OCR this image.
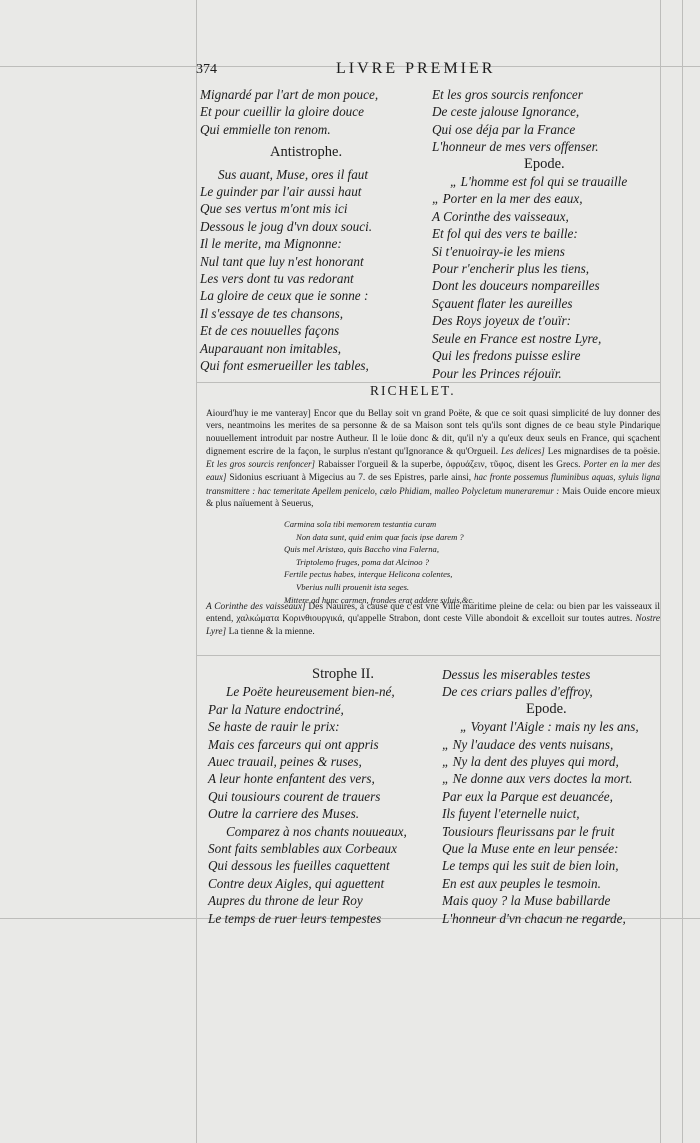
374	LIVRE PREMIER
Mignardé par l'art de mon pouce,
Et pour cueillir la gloire douce
Qui emmielle ton renom.
Antistrophe.
Sus auant, Muse, ores il faut
Le guinder par l'air aussi haut
Que ses vertus m'ont mis ici
Dessous le joug d'vn doux souci.
Il le merite, ma Mignonne:
Nul tant que luy n'est honorant
Les vers dont tu vas redorant
La gloire de ceux que ie sonne :
Il s'essaye de tes chansons,
Et de ces nouuelles façons
Auparauant non imitables,
Qui font esmerueiller les tables,
Et les gros sourcis renfoncer
De ceste jalouse Ignorance,
Qui ose déja par la France
L'honneur de mes vers offenser.
Epode.
„ L'homme est fol qui se trauaille
„ Porter en la mer des eaux,
A Corinthe des vaisseaux,
Et fol qui des vers te baille:
Si t'enuoiray-ie les miens
Pour r'encherir plus les tiens,
Dont les douceurs nompareilles
Sçauent flater les aureilles
Des Roys joyeux de t'ouïr:
Seule en France est nostre Lyre,
Qui les fredons puisse eslire
Pour les Princes réjouïr.
RICHELET.

Aiourd'huy ie me vanteray] Encor que du Bellay soit vn grand Poëte, & que ce soit quasi simplicité de luy donner des vers, neantmoins les merites de sa personne & de sa Maison sont tels qu'ils sont dignes de ce beau style Pindarique nouuellement introduit par nostre Autheur. Il le loüe donc & dit, qu'il n'y a qu'eux deux seuls en France, qui sçachent dignement escrire de la façon, le surplus n'estant qu'Ignorance & qu'Orgueil. Les delices] Les mignardises de ta poësie. Et les gros sourcis renfoncer] Rabaisser l'orgueil & la superbe, ὀφρυάζειν, τῦφος, disent les Grecs. Porter en la mer des eaux] Sidonius escriuant à Migecius au 7. de ses Epistres, parle ainsi, hac fronte possemus fluminibus aquas, syluis ligna transmittere : hac temeritate Apellem penicelo, cælo Phidiam, malleo Polycletum muneraremur : Mais Ouide encore mieux & plus naïuement à Seuerus,

Carmina sola tibi memorem testantia curam
Non data sunt, quid enim quæ facis ipse darem ?
Quis mel Aristæo, quis Baccho vina Falerna,
Triptolemo fruges, poma dat Alcinoo ?
Fertile pectus habes, interque Helicona colentes,
Vberius nulli prouenit ista seges.
Mittere ad hunc carmen, frondes erat addere syluis,&c.

A Corinthe des vaisseaux] Des Nauires, à cause que c'est vne Ville maritime pleine de cela: ou bien par les vaisseaux il entend, χαλκώματα Κορινθιουργικά, qu'appelle Strabon, dont ceste Ville abondoit & excelloit sur toutes autres. Nostre Lyre] La tienne & la mienne.

Strophe II.
Le Poëte heureusement bien-né,
Par la Nature endoctriné,
Se haste de rauir le prix:
Mais ces farceurs qui ont appris
Auec trauail, peines & ruses,
A leur honte enfantent des vers,
Qui tousiours courent de trauers
Outre la carriere des Muses.
Comparez à nos chants nouueaux,
Sont faits semblables aux Corbeaux
Qui dessous les fueilles caquettent
Contre deux Aigles, qui aguettent
Aupres du throne de leur Roy
Le temps de ruer leurs tempestes
Dessus les miserables testes
De ces criars palles d'effroy,
Epode.
„ Voyant l'Aigle : mais ny les ans,
„ Ny l'audace des vents nuisans,
„ Ny la dent des pluyes qui mord,
„ Ne donne aux vers doctes la mort.
Par eux la Parque est deuancée,
Ils fuyent l'eternelle nuict,
Tousiours fleurissans par le fruit
Que la Muse ente en leur pensée:
Le temps qui les suit de bien loin,
En est aux peuples le tesmoin.
Mais quoy ? la Muse babillarde
L'honneur d'vn chacun ne regarde,
